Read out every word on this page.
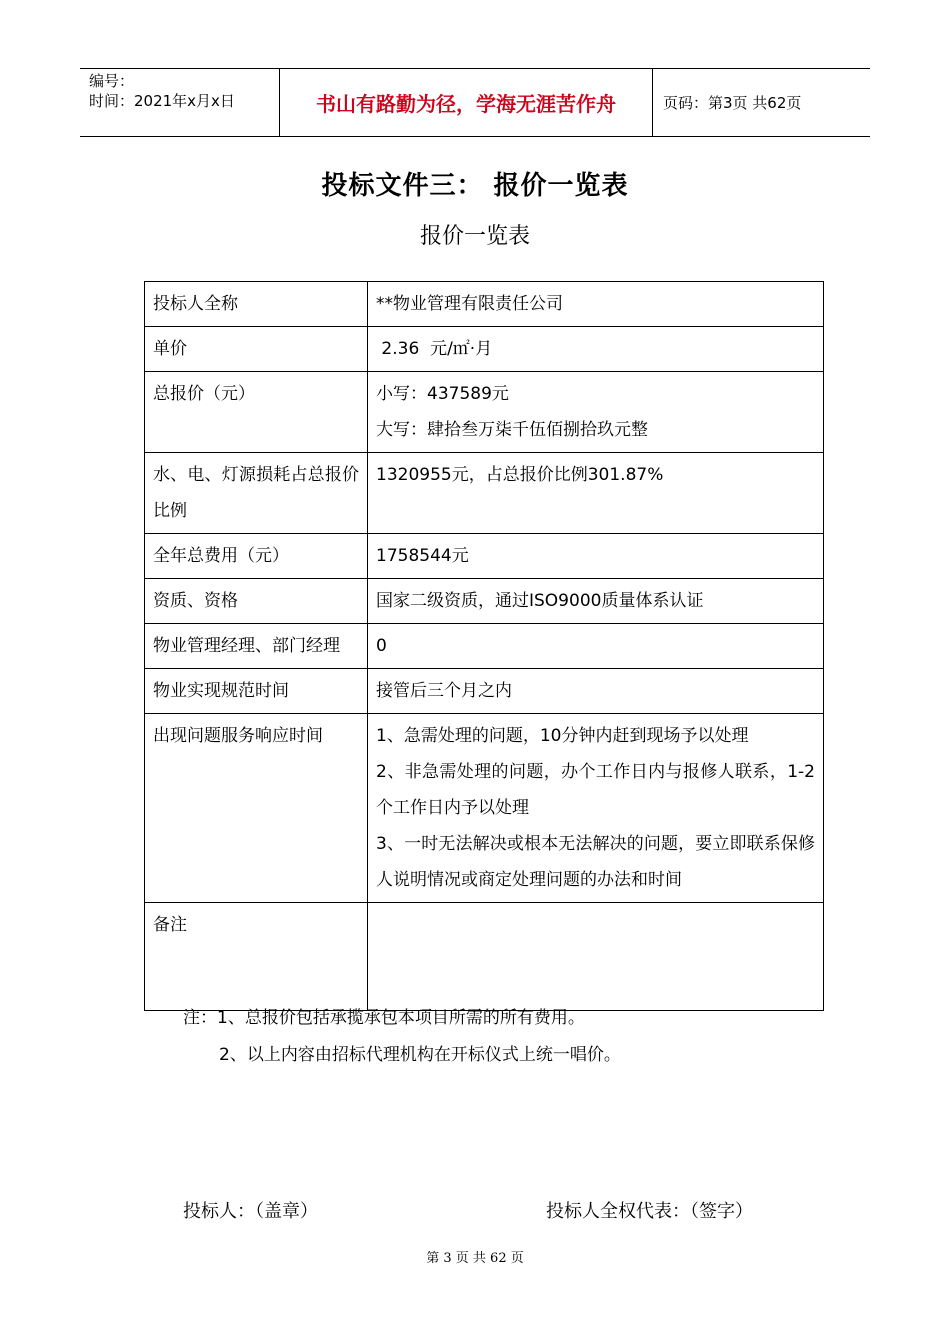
编号：
时间：2021年x月x日	书山有路勤为径，学海无涯苦作舟	页码：第3页 共62页
投标文件三： 报价一览表
报价一览表
投标人全称	**物业管理有限责任公司
单价	2.36  元/㎡·月
总报价（元）	小写：437589元
大写：肆拾叁万柒千伍佰捌拾玖元整

水、电、灯源损耗占总报价比例	1320955元，占总报价比例301.87%
全年总费用（元）	1758544元
资质、资格	国家二级资质，通过ISO9000质量体系认证
物业管理经理、部门经理	0
物业实现规范时间	接管后三个月之内
出现问题服务响应时间	1、急需处理的问题，10分钟内赶到现场予以处理
2、非急需处理的问题，办个工作日内与报修人联系，1-2个工作日内予以处理
3、一时无法解决或根本无法解决的问题，要立即联系保修人说明情况或商定处理问题的办法和时间

备注	
注：1、总报价包括承揽承包本项目所需的所有费用。
2、以上内容由招标代理机构在开标仪式上统一唱价。
投标人：（盖章）	投标人全权代表：（签字）
第 3 页 共 62 页
